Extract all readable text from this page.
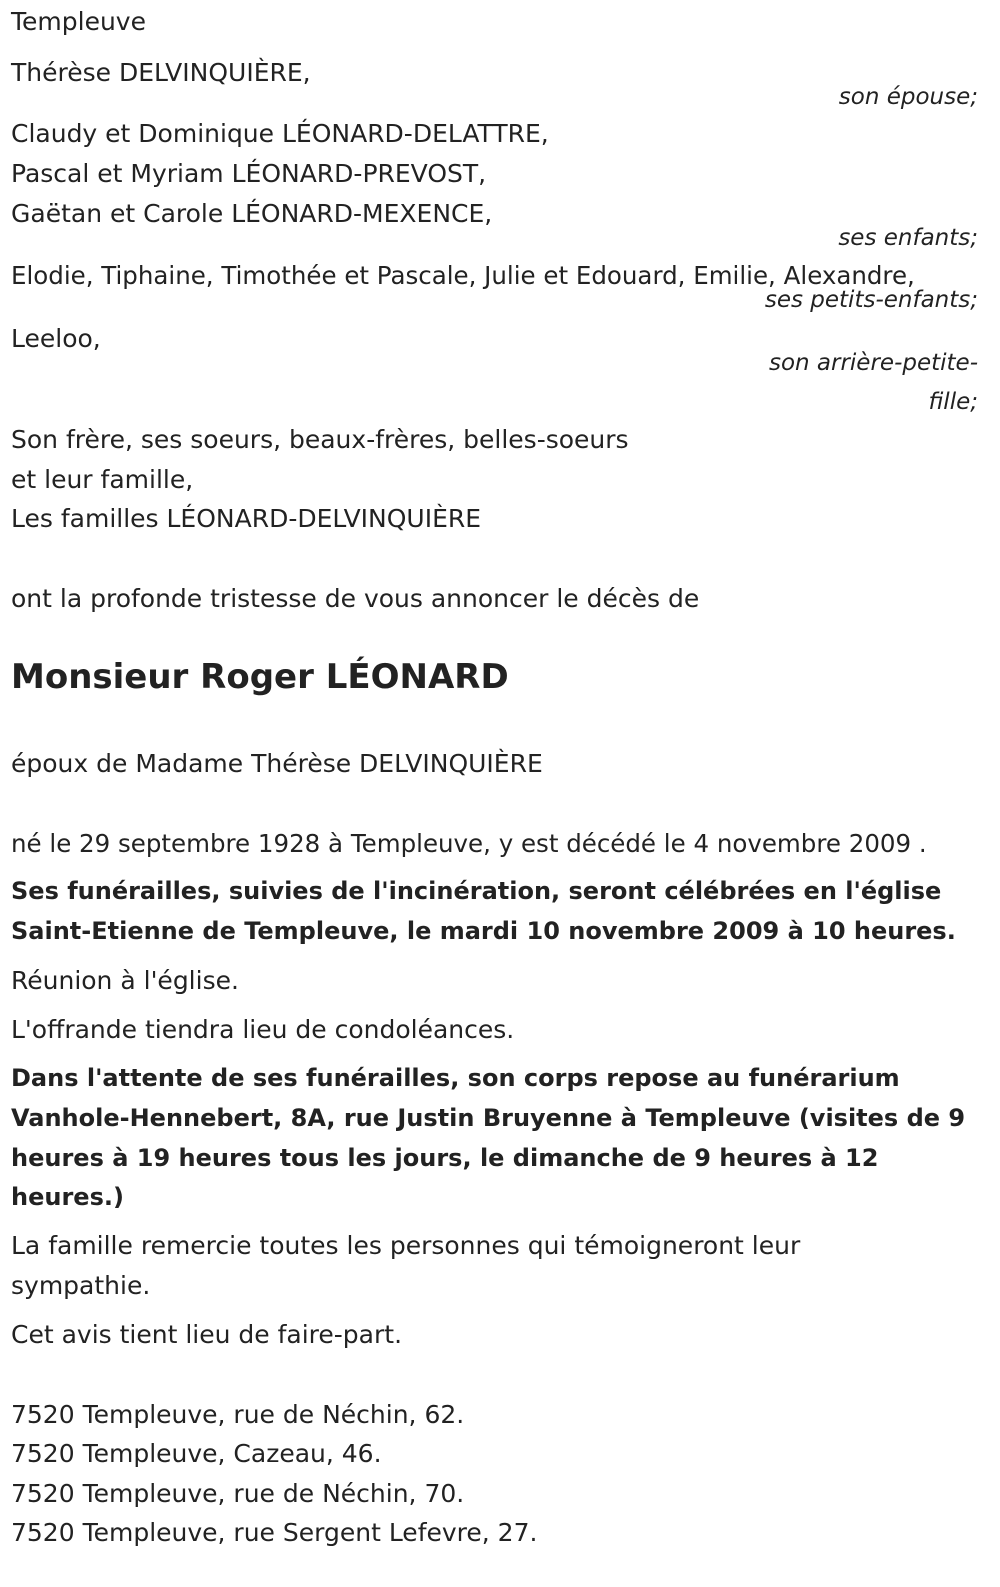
Templeuve
Thérèse DELVINQUIÈRE,
son épouse;
Claudy et Dominique LÉONARD-DELATTRE,
Pascal et Myriam LÉONARD-PREVOST,
Gaëtan et Carole LÉONARD-MEXENCE,
ses enfants;
Elodie, Tiphaine, Timothée et Pascale, Julie et Edouard, Emilie, Alexandre,
ses petits-enfants;
Leeloo,
son arrière-petite-
fille;
Son frère, ses soeurs, beaux-frères, belles-soeurs
et leur famille,
Les familles LÉONARD-DELVINQUIÈRE
ont la profonde tristesse de vous annoncer le décès de
Monsieur Roger LÉONARD
époux de Madame Thérèse DELVINQUIÈRE
né le 29 septembre 1928 à Templeuve, y est décédé le 4 novembre 2009 .
Ses funérailles, suivies de l'incinération, seront célébrées en l'église
Saint-Etienne de Templeuve, le mardi 10 novembre 2009 à 10 heures.
Réunion à l'église.
L'offrande tiendra lieu de condoléances.
Dans l'attente de ses funérailles, son corps repose au funérarium
Vanhole-Hennebert, 8A, rue Justin Bruyenne à Templeuve (visites de 9
heures à 19 heures tous les jours, le dimanche de 9 heures à 12
heures.)
La famille remercie toutes les personnes qui témoigneront leur
sympathie.
Cet avis tient lieu de faire-part.
7520 Templeuve, rue de Néchin, 62.
7520 Templeuve, Cazeau, 46.
7520 Templeuve, rue de Néchin, 70.
7520 Templeuve, rue Sergent Lefevre, 27.
